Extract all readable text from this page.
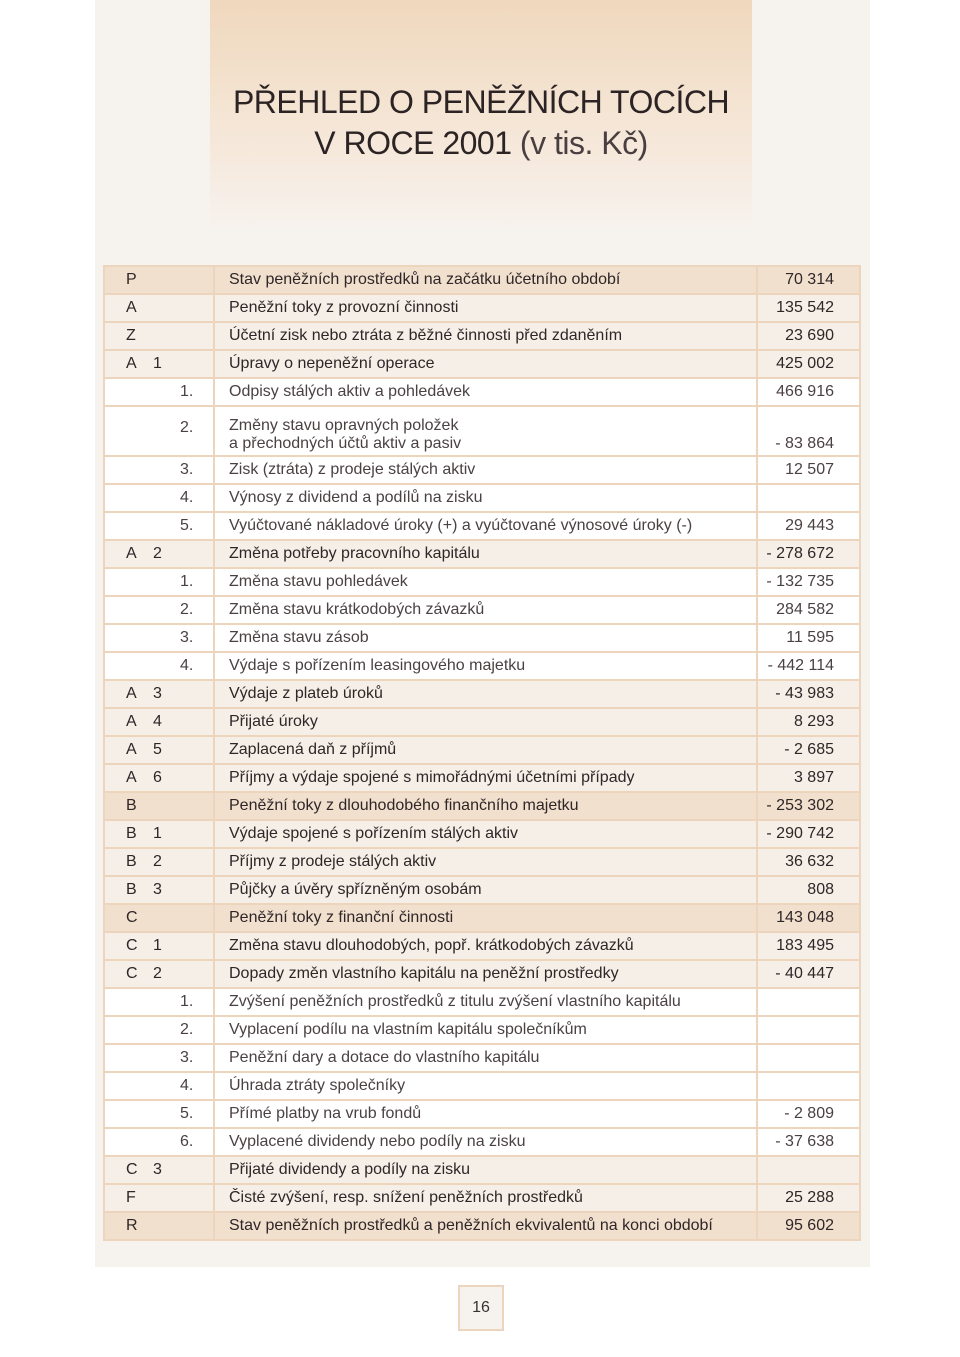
PŘEHLED O PENĚŽNÍCH TOCÍCH
V ROCE 2001 (v tis. Kč)
P	Stav peněžních prostředků na začátku účetního období	70 314

A	Peněžní toky z provozní činnosti	135 542

Z	Účetní zisk nebo ztráta z běžné činnosti před zdaněním	23 690

A 1	Úpravy o nepeněžní operace	425 002

1.	Odpisy stálých aktiv a pohledávek	466 916

2.	Změny stavu opravných položek
a přechodných účtů aktiv a pasiv	- 83 864

3.	Zisk (ztráta) z prodeje stálých aktiv	12 507

4.	Výnosy z dividend a podílů na zisku	

5.	Vyúčtované nákladové úroky (+) a vyúčtované výnosové úroky (-)	29 443

A 2	Změna potřeby pracovního kapitálu	- 278 672

1.	Změna stavu pohledávek	- 132 735

2.	Změna stavu krátkodobých závazků	284 582

3.	Změna stavu zásob	11 595

4.	Výdaje s pořízením leasingového majetku	- 442 114

A 3	Výdaje z plateb úroků	- 43 983

A 4	Přijaté úroky	8 293

A 5	Zaplacená daň z příjmů	- 2 685

A 6	Příjmy a výdaje spojené s mimořádnými účetními případy	3 897

B	Peněžní toky z dlouhodobého finančního majetku	- 253 302

B 1	Výdaje spojené s pořízením stálých aktiv	- 290 742

B 2	Příjmy z prodeje stálých aktiv	36 632

B 3	Půjčky a úvěry spřízněným osobám	808

C	Peněžní toky z finanční činnosti	143 048

C 1	Změna stavu dlouhodobých, popř. krátkodobých závazků	183 495

C 2	Dopady změn vlastního kapitálu na peněžní prostředky	- 40 447

1.	Zvýšení peněžních prostředků z titulu zvýšení vlastního kapitálu	

2.	Vyplacení podílu na vlastním kapitálu společníkům	

3.	Peněžní dary a dotace do vlastního kapitálu	

4.	Úhrada ztráty společníky	

5.	Přímé platby na vrub fondů	- 2 809

6.	Vyplacené dividendy nebo podíly na zisku	- 37 638

C 3	Přijaté dividendy a podíly na zisku	

F	Čisté zvýšení, resp. snížení peněžních prostředků	25 288

R	Stav peněžních prostředků a peněžních ekvivalentů na konci období	95 602
16
